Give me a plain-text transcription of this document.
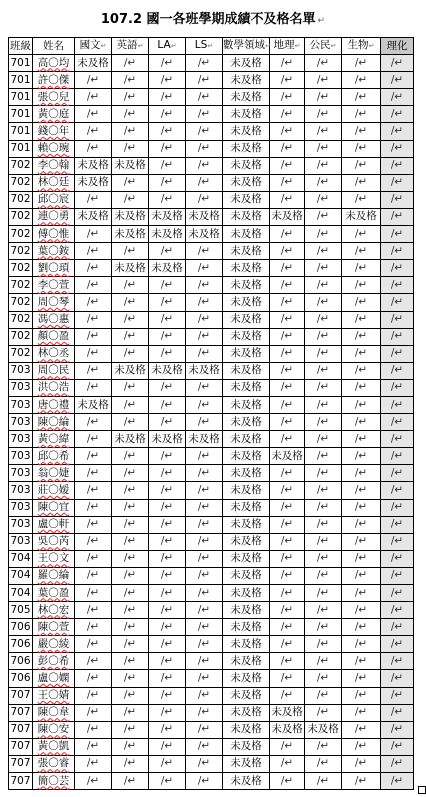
107.2 國一各班學期成績不及格名單 ↵
班級	姓名	國文↵	英語↵	LA↵	LS↵	數學領域↵	地理↵	公民↵	生物↵	理化
701	高〇均	未及格	/↵	/↵	/↵	未及格	/↵	/↵	/↵	/↵
701	許〇傑	/↵	/↵	/↵	/↵	未及格	/↵	/↵	/↵	/↵
701	張〇兒	/↵	/↵	/↵	/↵	未及格	/↵	/↵	/↵	/↵
701	黃〇庭	/↵	/↵	/↵	/↵	未及格	/↵	/↵	/↵	/↵
701	錢〇年	/↵	/↵	/↵	/↵	未及格	/↵	/↵	/↵	/↵
701	賴〇琬	/↵	/↵	/↵	/↵	未及格	/↵	/↵	/↵	/↵
702	李〇翰	未及格	未及格	/↵	/↵	未及格	/↵	/↵	/↵	/↵
702	林〇廷	未及格	/↵	/↵	/↵	未及格	/↵	/↵	/↵	/↵
702	邱〇宸	/↵	/↵	/↵	/↵	未及格	/↵	/↵	/↵	/↵
702	連〇勇	未及格	未及格	未及格	未及格	未及格	未及格	/↵	未及格	/↵
702	傅〇惟	/↵	未及格	未及格	未及格	未及格	/↵	/↵	/↵	/↵
702	葉〇銨	/↵	/↵	/↵	/↵	未及格	/↵	/↵	/↵	/↵
702	劉〇頊	/↵	未及格	未及格	/↵	未及格	/↵	/↵	/↵	/↵
702	李〇萱	/↵	/↵	/↵	/↵	未及格	/↵	/↵	/↵	/↵
702	周〇琴	/↵	/↵	/↵	/↵	未及格	/↵	/↵	/↵	/↵
702	馮〇惠	/↵	/↵	/↵	/↵	未及格	/↵	/↵	/↵	/↵
702	顏〇盈	/↵	/↵	/↵	/↵	未及格	/↵	/↵	/↵	/↵
702	林〇丞	/↵	/↵	/↵	/↵	未及格	/↵	/↵	/↵	/↵
703	周〇民	/↵	未及格	未及格	未及格	未及格	/↵	/↵	/↵	/↵
703	洪〇浩	/↵	/↵	/↵	/↵	未及格	/↵	/↵	/↵	/↵
703	唐〇禮	未及格	/↵	/↵	/↵	未及格	/↵	/↵	/↵	/↵
703	陳〇綸	/↵	/↵	/↵	/↵	未及格	/↵	/↵	/↵	/↵
703	黃〇緯	/↵	未及格	未及格	未及格	未及格	/↵	/↵	/↵	/↵
703	邱〇希	/↵	/↵	/↵	/↵	未及格	未及格	/↵	/↵	/↵
703	翁〇婕	/↵	/↵	/↵	/↵	未及格	/↵	/↵	/↵	/↵
703	莊〇嫒	/↵	/↵	/↵	/↵	未及格	/↵	/↵	/↵	/↵
703	陳〇宜	/↵	/↵	/↵	/↵	未及格	/↵	/↵	/↵	/↵
703	盧〇軒	/↵	/↵	/↵	/↵	未及格	/↵	/↵	/↵	/↵
703	吳〇芮	/↵	/↵	/↵	/↵	未及格	/↵	/↵	/↵	/↵
704	王〇文	/↵	/↵	/↵	/↵	未及格	/↵	/↵	/↵	/↵
704	羅〇綸	/↵	/↵	/↵	/↵	未及格	/↵	/↵	/↵	/↵
704	葉〇盈	/↵	/↵	/↵	/↵	未及格	/↵	/↵	/↵	/↵
705	林〇宏	/↵	/↵	/↵	/↵	未及格	/↵	/↵	/↵	/↵
706	陳〇萱	/↵	/↵	/↵	/↵	未及格	/↵	/↵	/↵	/↵
706	嚴〇綾	/↵	/↵	/↵	/↵	未及格	/↵	/↵	/↵	/↵
706	彭〇希	/↵	/↵	/↵	/↵	未及格	/↵	/↵	/↵	/↵
706	盧〇嫻	/↵	/↵	/↵	/↵	未及格	/↵	/↵	/↵	/↵
707	王〇婧	/↵	/↵	/↵	/↵	未及格	/↵	/↵	/↵	/↵
707	陳〇韋	/↵	/↵	/↵	/↵	未及格	未及格	/↵	/↵	/↵
707	陳〇安	/↵	/↵	/↵	/↵	未及格	未及格	未及格	/↵	/↵
707	黃〇凱	/↵	/↵	/↵	/↵	未及格	/↵	/↵	/↵	/↵
707	張〇睿	/↵	/↵	/↵	/↵	未及格	/↵	/↵	/↵	/↵
707	簡〇芸	/↵	/↵	/↵	/↵	未及格	/↵	/↵	/↵	/↵
